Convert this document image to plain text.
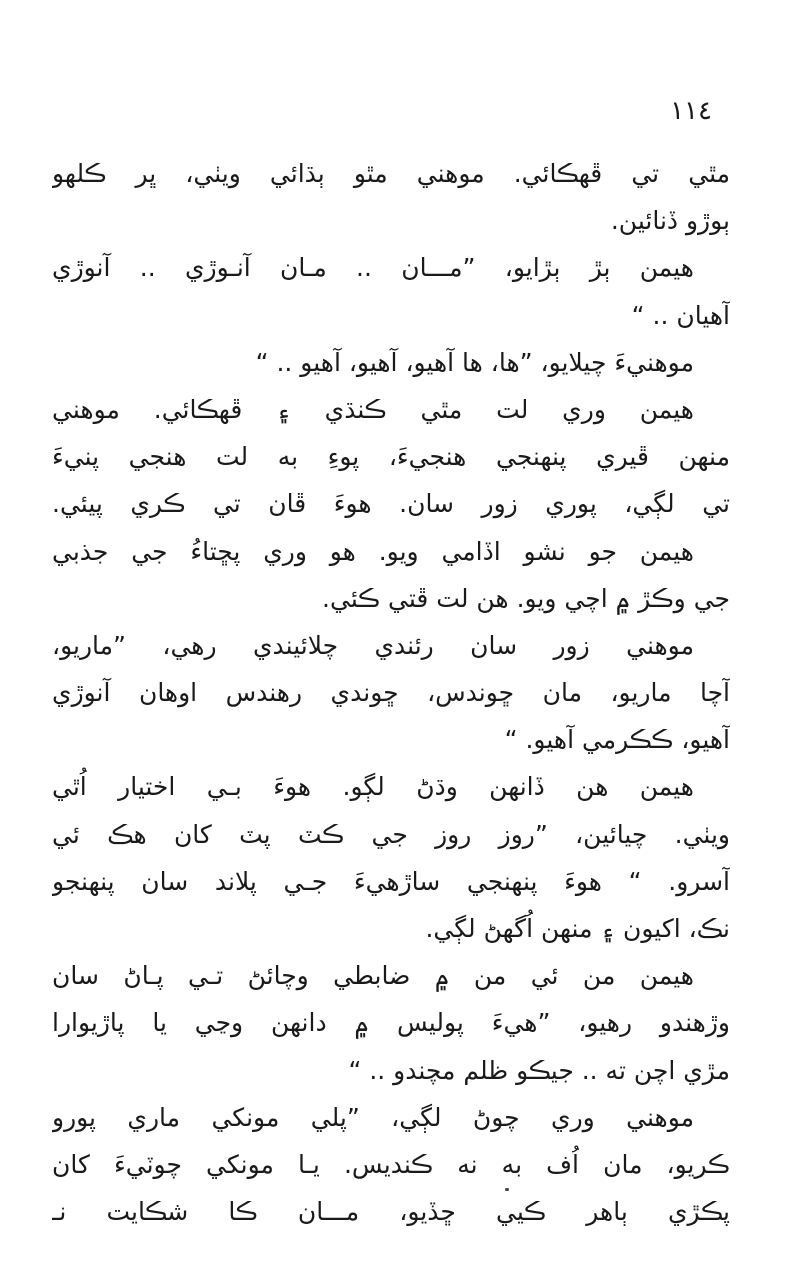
١١٤
مٿي تي ڦهڪائي. موهني مٿو ٻڌائي ويٺي، ڀر ڪلهو
ٻوڙو ڏنائين.
هيمن ٻڙ ٻڙايو، ”مـــان .. مـان آنـوڙي .. آنوڙي
آهيان .. “
موهنيءَ چيلايو، ”ها، ها آهيو، آهيو، آهيو .. “
هيمن وري لت مٿي ڪنڌي ۽ ڦهڪائي. موهني
منهن ڦيري پنهنجي هنجيءَ، پوءِ به لت هنجي پنيءَ
تي لڳي، پوري زور سان. هوءَ ڦان تي ڪري پيئي.
هيمن جو نشو اڏامي ويو. هو وري پڇتاءُ جي جذبي
جي وڪڙ ۾ اچي ويو. هن لت ڦتي ڪئي.
موهني زور سان رئندي چلائيندي رهي، ”ماريو،
آچا ماريو، مان ڇوندس، ڇوندي رهندس اوهان آنوڙي
آهيو، ڪڪرمي آهيو. “
هيمن هن ڏانهن وڌڻ لڳو. هوءَ بـي اختيار اُٿي
ويٺي. چيائين، ”روز روز جي ڪٽ پٽ کان هڪ ئي
آسرو. “ هوءَ پنهنجي ساڙهيءَ جـي پلاند سان پنهنجو
نڪ، اکيون ۽ منهن اُگهڻ لڳي.
هيمن من ئي من ۾ ضابطي وچائڻ تـي پـاڻ سان
وڙهندو رهيو، ”هيءَ پوليس ۾ دانهن وڃي يا پاڙيوارا
مڙي اچن ته .. جيڪو ظلم مچندو .. “
موهني وري چوڻ لڳي، ”پلي مونکي ماري پورو
ڪريو، مان اُف به نه ڪنديس. يـا مونکي چوٽيءَ کان
پڪڙي ٻاهر ڪيي ڇڏيو، مـــان ڪا شڪايت نـ
